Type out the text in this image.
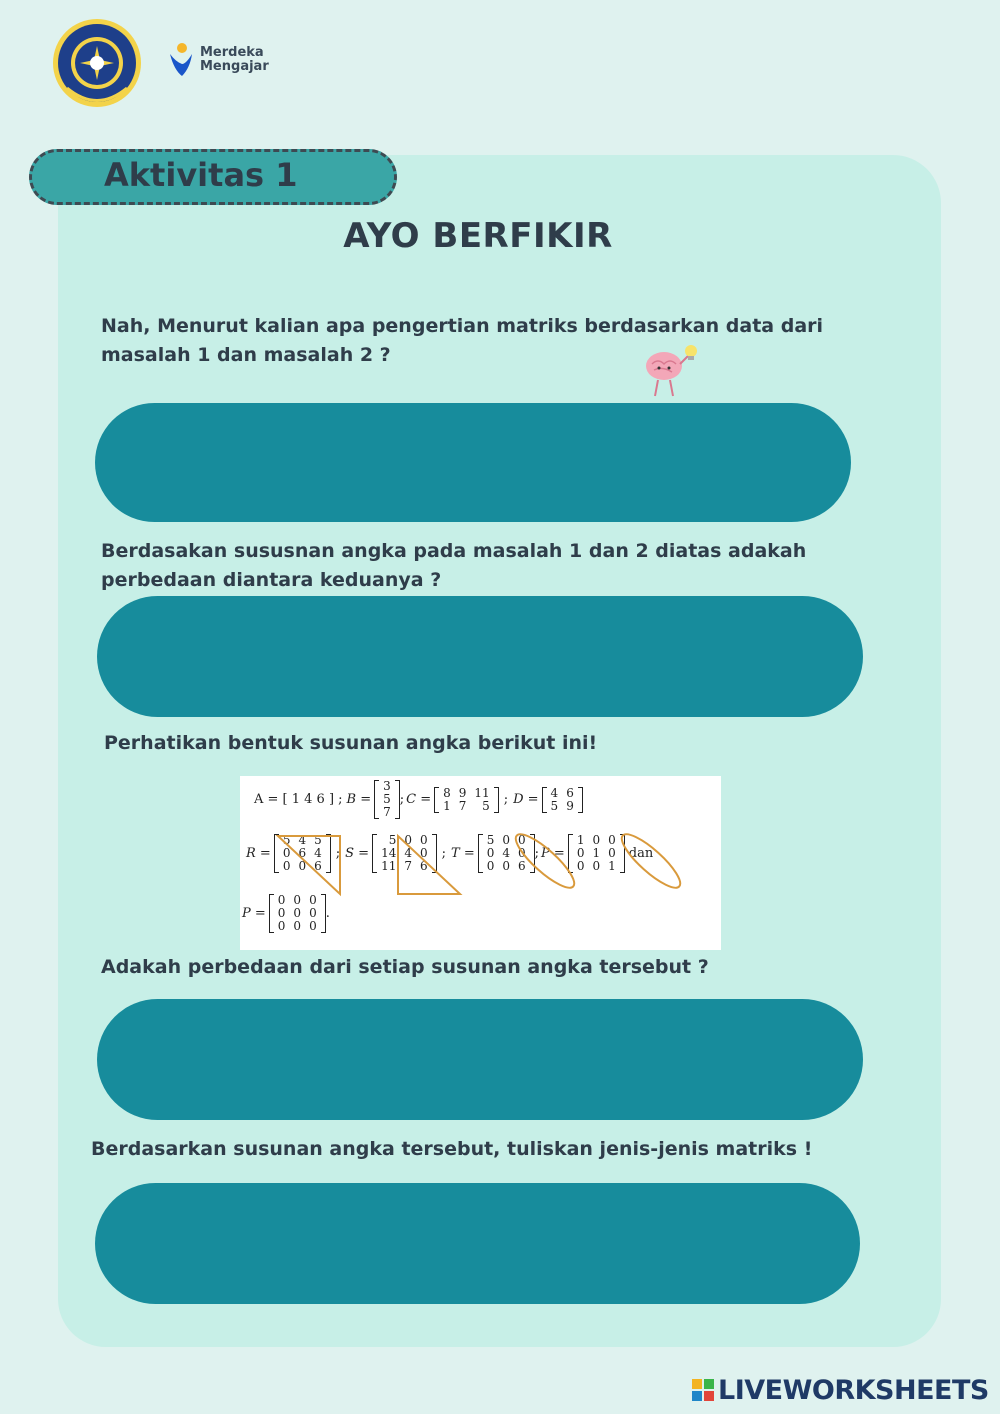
Merdeka
Mengajar
Aktivitas 1
AYO BERFIKIR
Nah, Menurut kalian apa pengertian matriks berdasarkan data dari masalah 1 dan masalah 2 ?
Berdasakan sususnan angka pada masalah 1 dan 2 diatas adakah perbedaan diantara keduanya ?
Perhatikan bentuk susunan angka berikut ini!
A = [ 1 4 6 ] ; B =
3
5
7
; C = 8	9	11
1	7	5 ; D = 4	6
5	9
R =
5	4	5
0	6	4
0	0	6
; S =
5	0	0
14	4	0
11	7	6
; T =
5	0	0
0	4	0
0	0	6
; P =
1	0	0
0	1	0
0	0	1
dan
P =
0	0	0
0	0	0
0	0	0
.
Adakah perbedaan dari setiap susunan angka tersebut ?
Berdasarkan susunan angka tersebut, tuliskan jenis-jenis matriks !
LIVEWORKSHEETS
